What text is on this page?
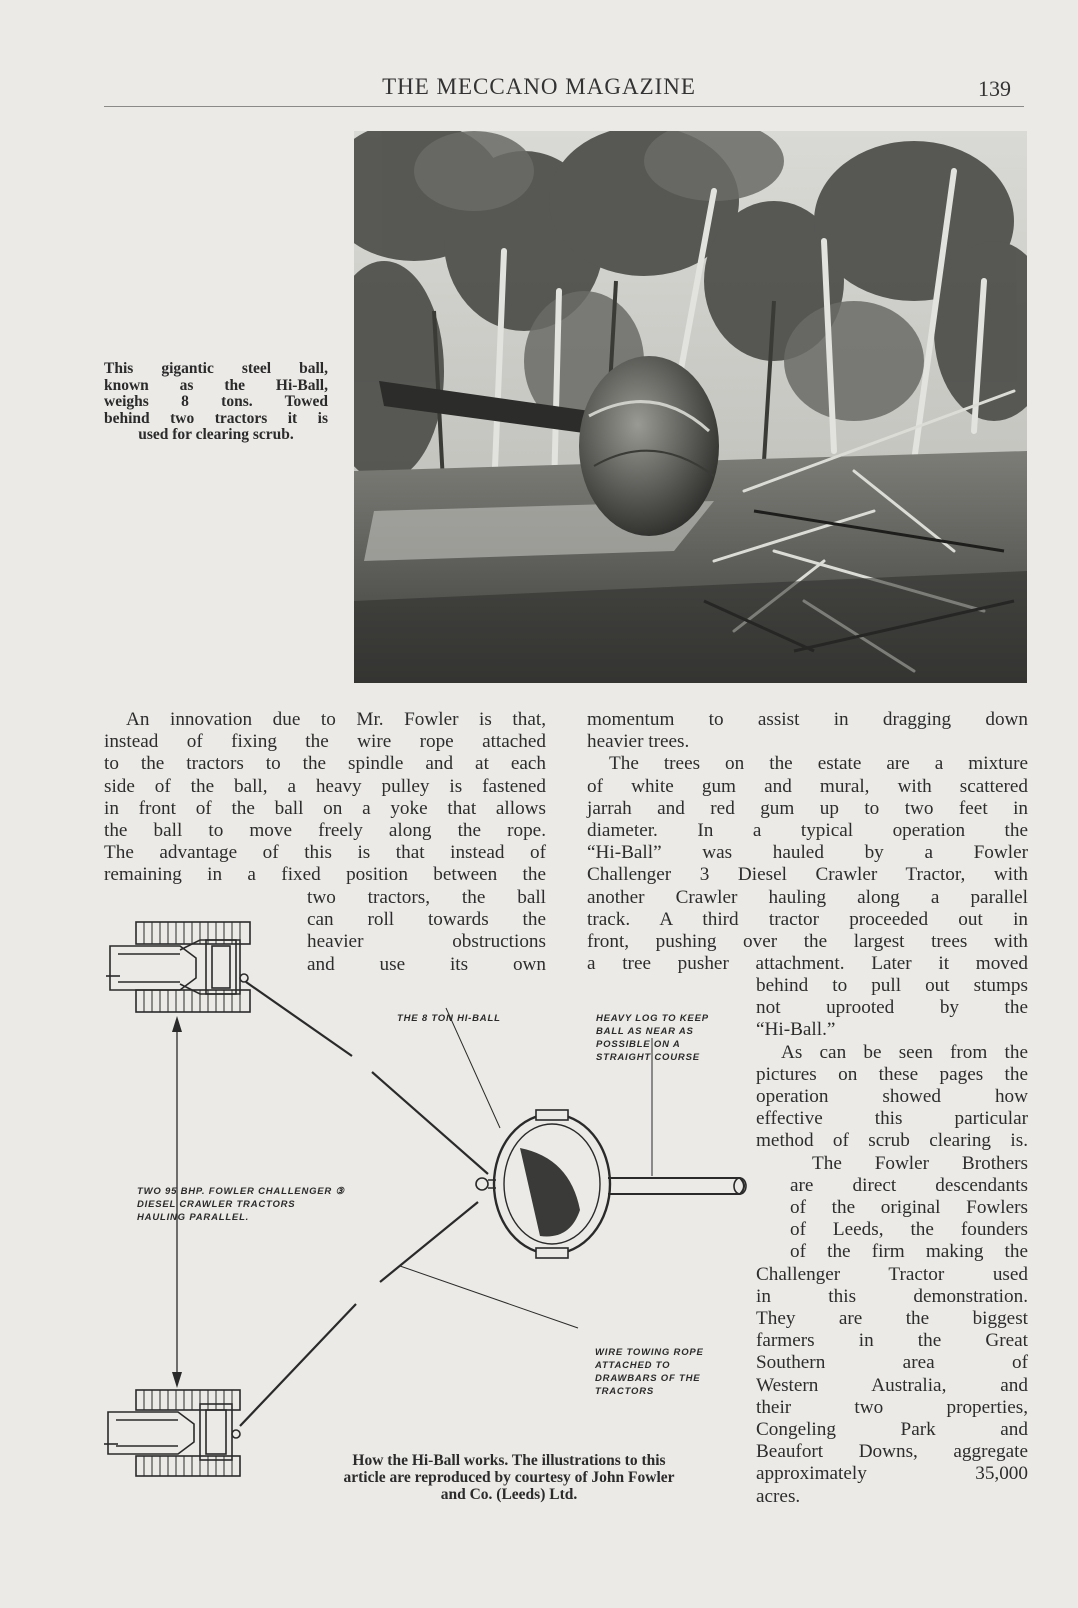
THE MECCANO MAGAZINE	139
This gigantic steel ball,
known as the Hi-Ball,
weighs 8 tons. Towed
behind two tractors it is
used for clearing scrub.
An innovation due to Mr. Fowler is that,
instead of fixing the wire rope attached
to the tractors to the spindle and at each
side of the ball, a heavy pulley is fastened
in front of the ball on a yoke that allows
the ball to move freely along the rope.
The advantage of this is that instead of
remaining in a fixed position between the
two tractors, the ball
can roll towards the
heavier obstructions
and use its own
momentum to assist in dragging down
heavier trees.
The trees on the estate are a mixture
of white gum and mural, with scattered
jarrah and red gum up to two feet in
diameter. In a typical operation the
“Hi-Ball” was hauled by a Fowler
Challenger 3 Diesel Crawler Tractor, with
another Crawler hauling along a parallel
track. A third tractor proceeded out in
front, pushing over the largest trees with
a tree pusher attachment. Later it moved
behind to pull out stumps
not uprooted by the
“Hi-Ball.”
As can be seen from the
pictures on these pages the
operation showed how
effective this particular
method of scrub clearing is.
The Fowler Brothers
are direct descendants
of the original Fowlers
of Leeds, the founders
of the firm making the
Challenger Tractor used
in this demonstration.
They are the biggest
farmers in the Great
Southern area of
Western Australia, and
their two properties,
Congeling Park and
Beaufort Downs, aggregate
approximately 35,000
acres.
THE 8 TON HI-BALL	HEAVY LOG TO KEEP
BALL AS NEAR AS
POSSIBLE ON A
STRAIGHT COURSE
TWO 95 BHP. FOWLER CHALLENGER ③
DIESEL CRAWLER TRACTORS
HAULING PARALLEL.
WIRE TOWING ROPE
ATTACHED TO
DRAWBARS OF THE
TRACTORS
How the Hi-Ball works. The illustrations to this
article are reproduced by courtesy of John Fowler
and Co. (Leeds) Ltd.
